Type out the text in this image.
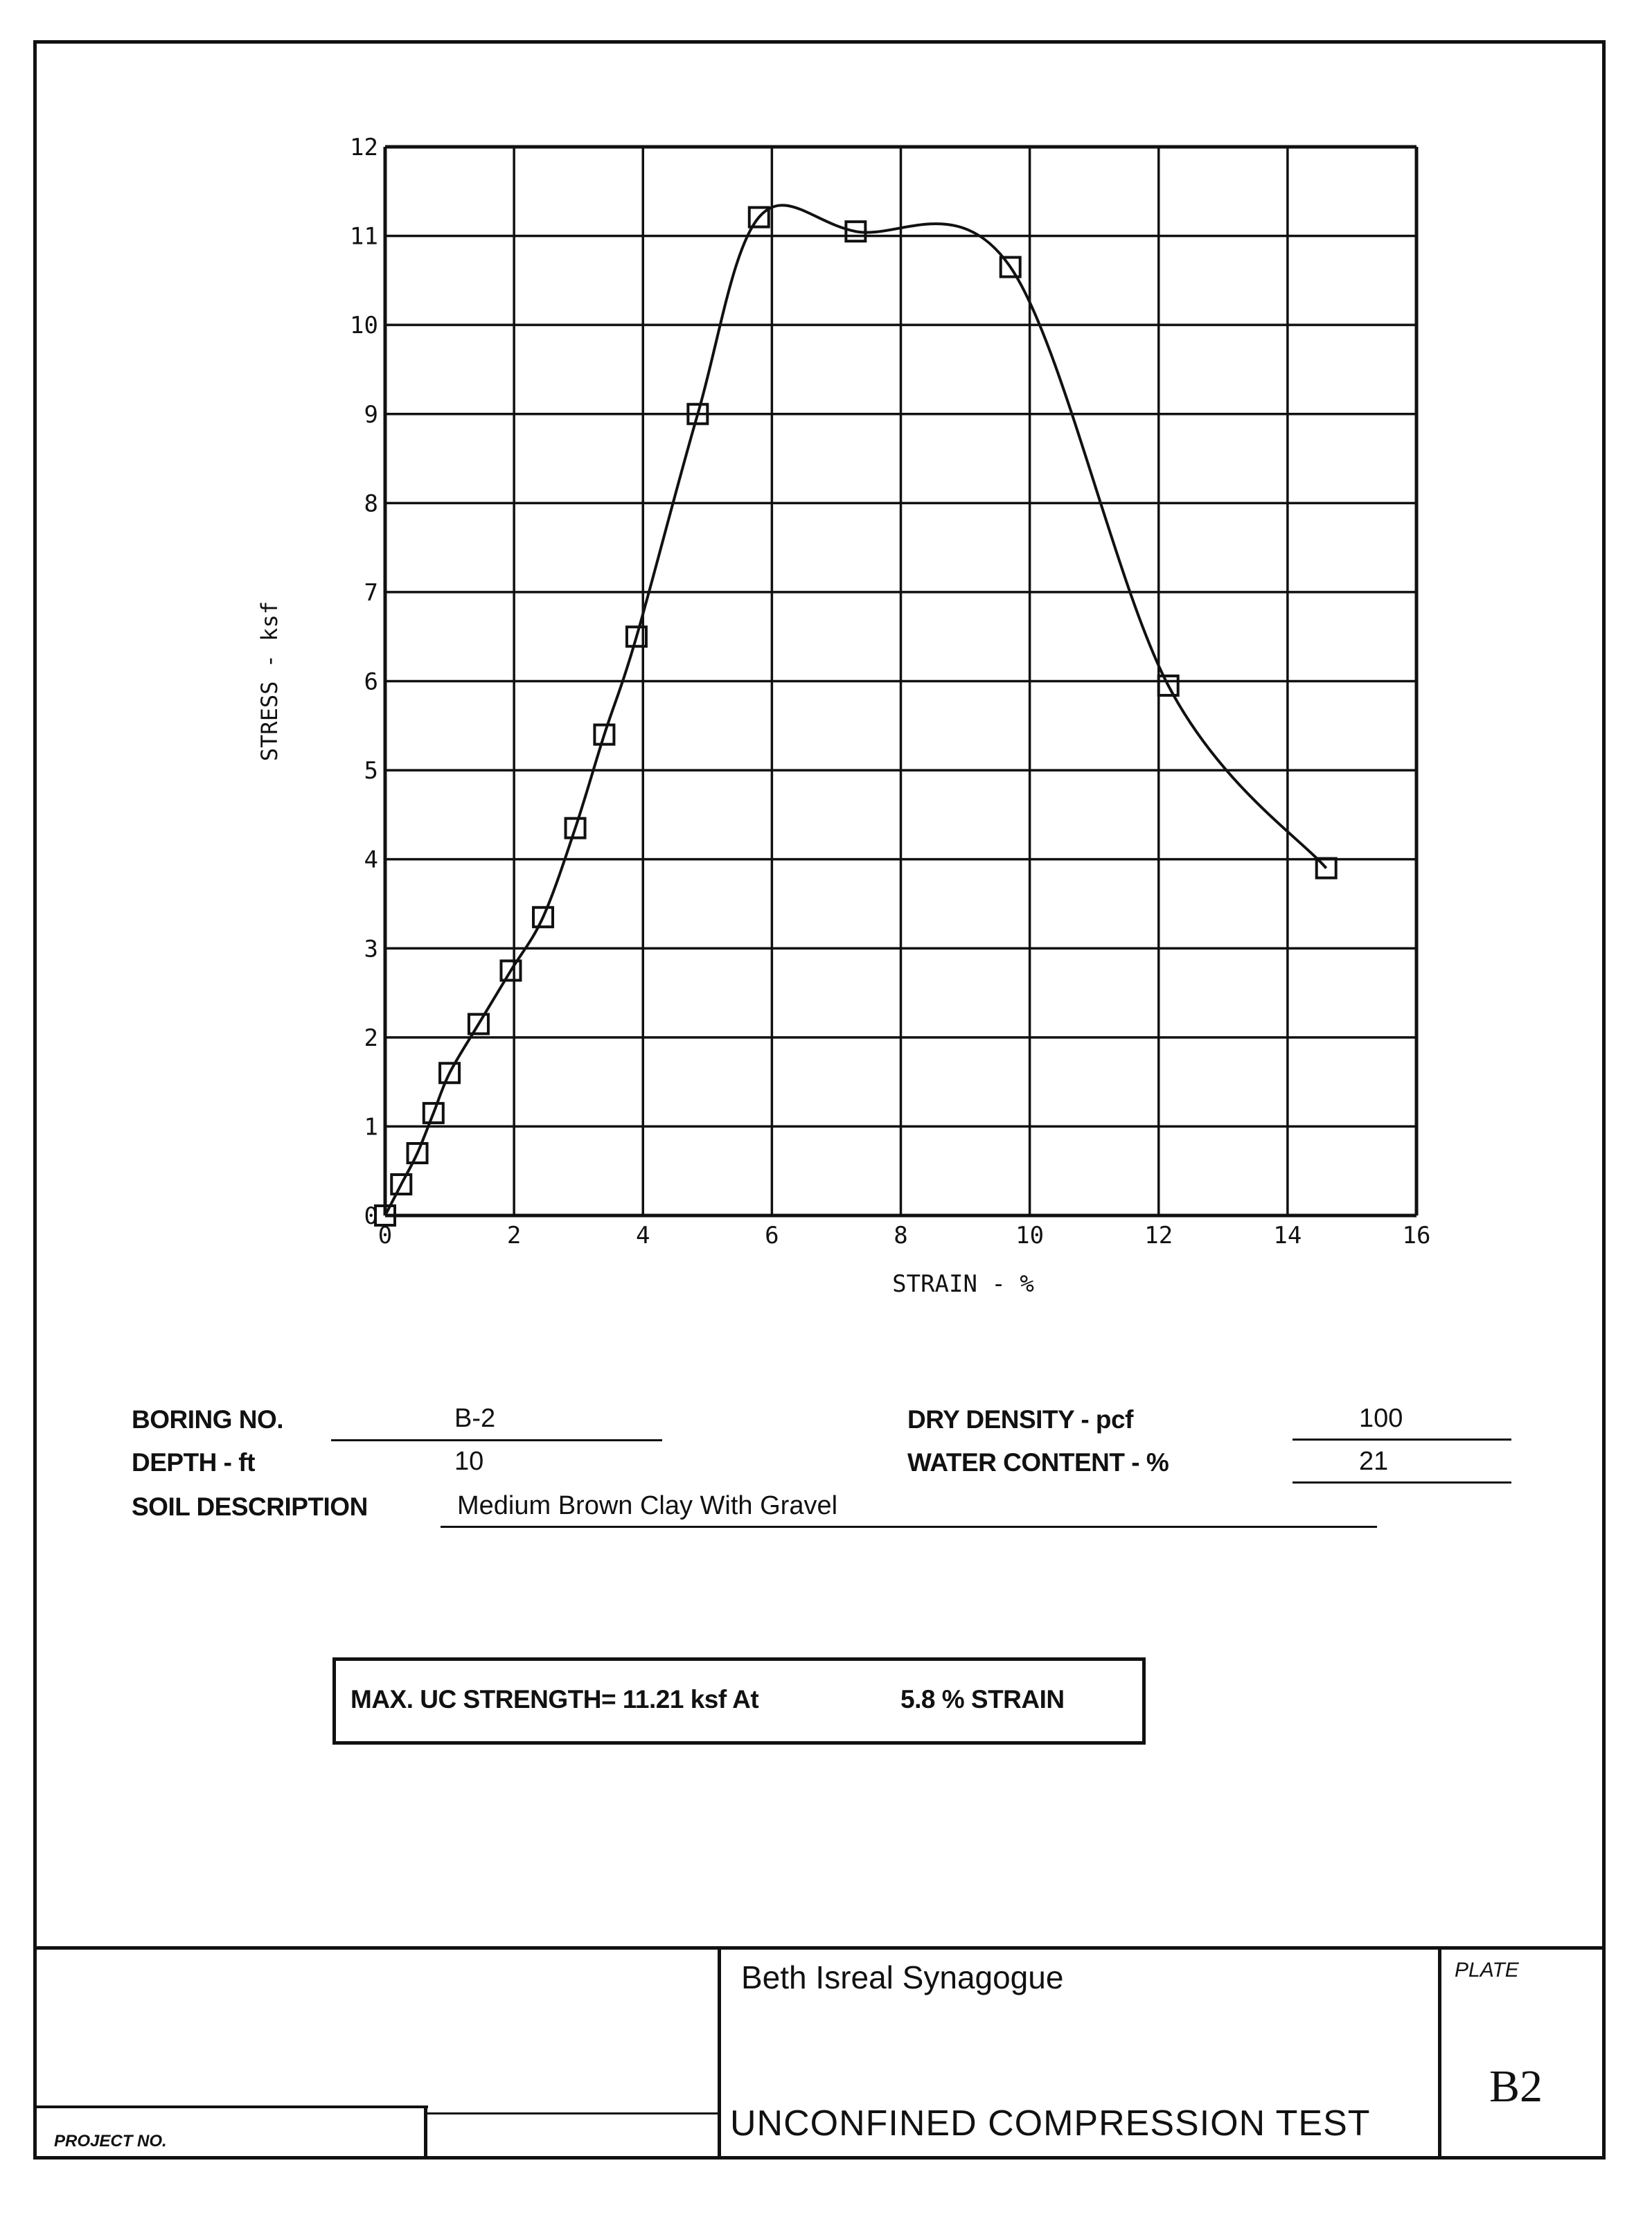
0	2	4	6	8	10	12	14	16
0
1
2
3
4
5
6
7
8
9
10
11
12
STRAIN - %
STRESS - ksf
BORING NO.	B-2
DEPTH - ft	10
SOIL DESCRIPTION	Medium Brown Clay With Gravel
DRY DENSITY - pcf	100
WATER CONTENT - %	21
MAX. UC STRENGTH= 11.21 ksf At	5.8 % STRAIN
Beth Isreal Synagogue
UNCONFINED COMPRESSION TEST
PLATE
B2
PROJECT NO.
